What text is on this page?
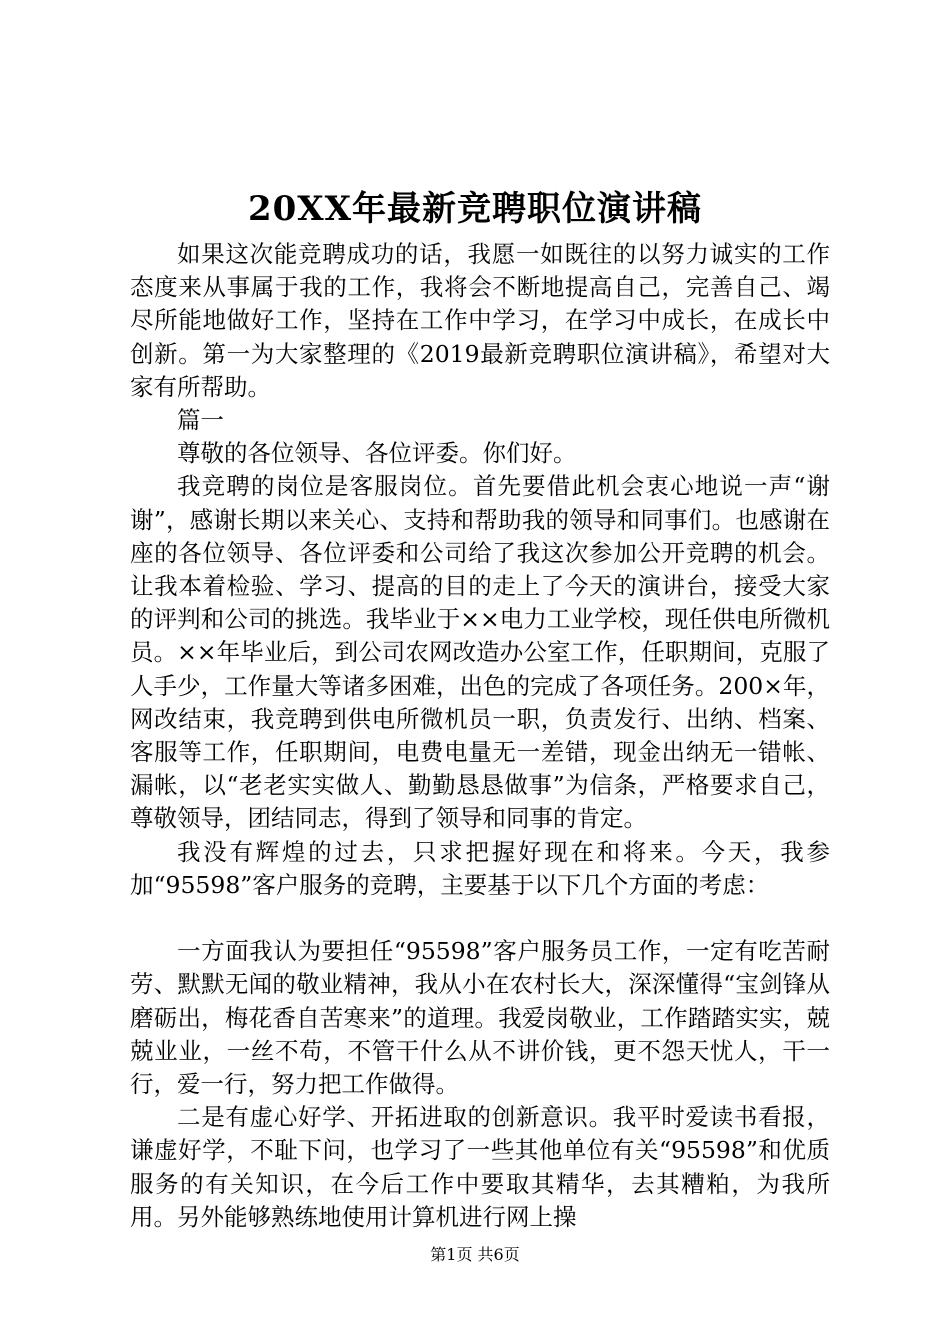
20XX年最新竞聘职位演讲稿

如果这次能竞聘成功的话，我愿一如既往的以努力诚实的工作态度来从事属于我的工作，我将会不断地提高自己，完善自己、竭尽所能地做好工作，坚持在工作中学习，在学习中成长，在成长中创新。第一为大家整理的《2019最新竞聘职位演讲稿》，希望对大家有所帮助。

篇一

尊敬的各位领导、各位评委。你们好。

我竞聘的岗位是客服岗位。首先要借此机会衷心地说一声“谢谢”，感谢长期以来关心、支持和帮助我的领导和同事们。也感谢在座的各位领导、各位评委和公司给了我这次参加公开竞聘的机会。让我本着检验、学习、提高的目的走上了今天的演讲台，接受大家的评判和公司的挑选。我毕业于××电力工业学校，现任供电所微机员。××年毕业后，到公司农网改造办公室工作，任职期间，克服了人手少，工作量大等诸多困难，出色的完成了各项任务。200×年，网改结束，我竞聘到供电所微机员一职，负责发行、出纳、档案、客服等工作，任职期间，电费电量无一差错，现金出纳无一错帐、漏帐，以“老老实实做人、勤勤恳恳做事”为信条，严格要求自己，尊敬领导，团结同志，得到了领导和同事的肯定。

我没有辉煌的过去，只求把握好现在和将来。今天，我参加“95598”客户服务的竞聘，主要基于以下几个方面的考虑：

一方面我认为要担任“95598”客户服务员工作，一定有吃苦耐劳、默默无闻的敬业精神，我从小在农村长大，深深懂得“宝剑锋从磨砺出，梅花香自苦寒来”的道理。我爱岗敬业，工作踏踏实实，兢兢业业，一丝不苟，不管干什么从不讲价钱，更不怨天忧人，干一行，爱一行，努力把工作做得。

二是有虚心好学、开拓进取的创新意识。我平时爱读书看报，谦虚好学，不耻下问，也学习了一些其他单位有关“95598”和优质服务的有关知识，在今后工作中要取其精华，去其糟粕，为我所用。另外能够熟练地使用计算机进行网上操

第1页 共6页
